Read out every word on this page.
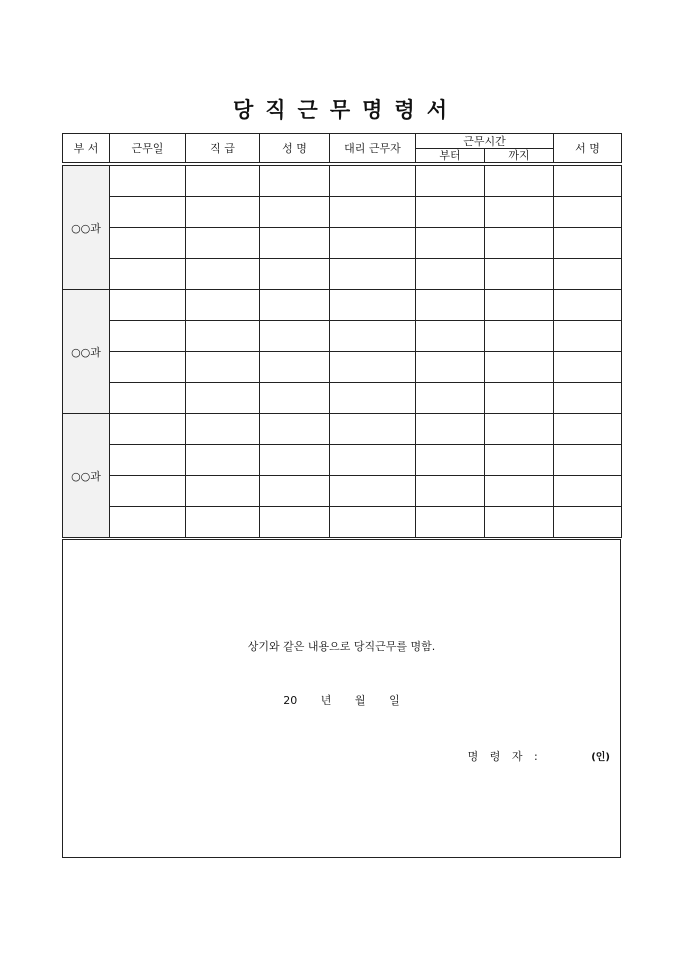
당직근무명령서
부 서	근무일	직 급	성 명	대리 근무자	근무시간		서 명
					부터	까지	

○○과							

○○과							

○○과							

상기와 같은 내용으로 당직근무를 명함.
20 년 월 일
명 령 자 :	(인)
